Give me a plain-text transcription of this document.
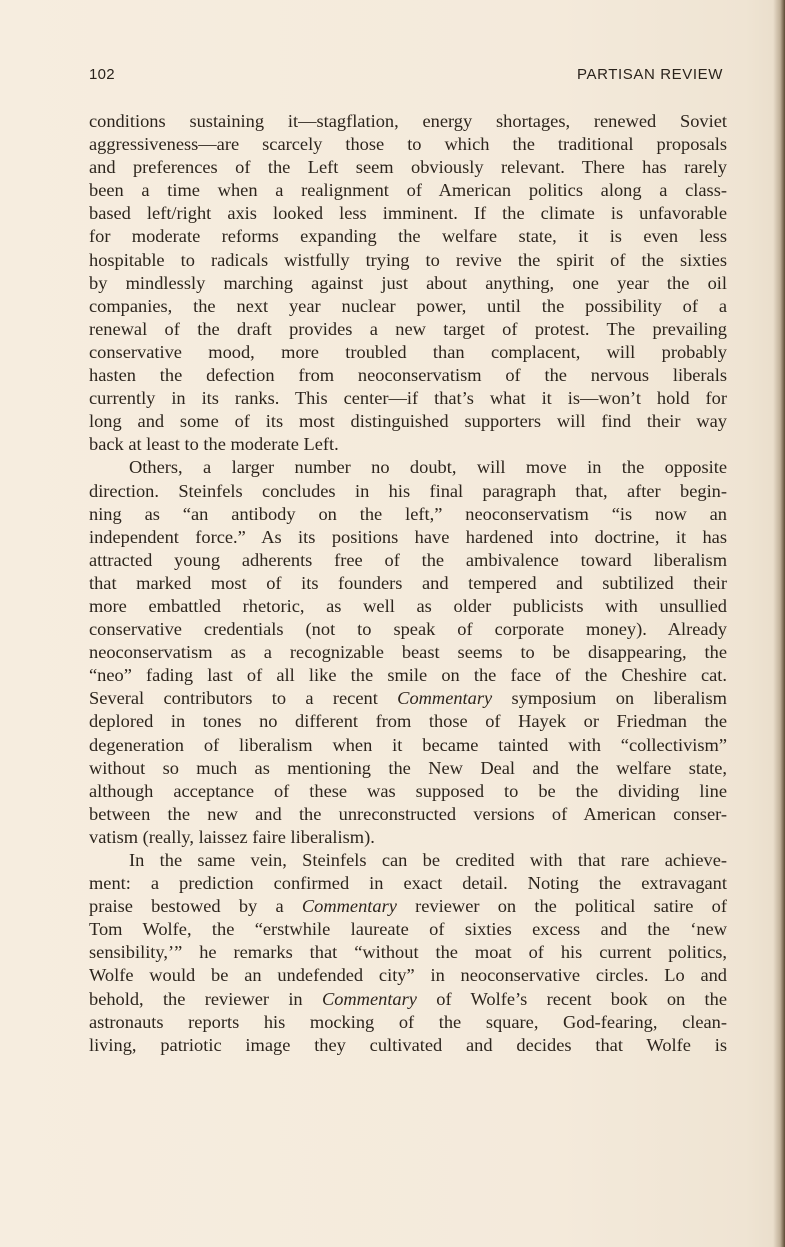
102	PARTISAN REVIEW
conditions sustaining it—stagflation, energy shortages, renewed Soviet
aggressiveness—are scarcely those to which the traditional proposals
and preferences of the Left seem obviously relevant. There has rarely
been a time when a realignment of American politics along a class-
based left/right axis looked less imminent. If the climate is unfavorable
for moderate reforms expanding the welfare state, it is even less
hospitable to radicals wistfully trying to revive the spirit of the sixties
by mindlessly marching against just about anything, one year the oil
companies, the next year nuclear power, until the possibility of a
renewal of the draft provides a new target of protest. The prevailing
conservative mood, more troubled than complacent, will probably
hasten the defection from neoconservatism of the nervous liberals
currently in its ranks. This center—if that’s what it is—won’t hold for
long and some of its most distinguished supporters will find their way
back at least to the moderate Left.
Others, a larger number no doubt, will move in the opposite
direction. Steinfels concludes in his final paragraph that, after begin-
ning as “an antibody on the left,” neoconservatism “is now an
independent force.” As its positions have hardened into doctrine, it has
attracted young adherents free of the ambivalence toward liberalism
that marked most of its founders and tempered and subtilized their
more embattled rhetoric, as well as older publicists with unsullied
conservative credentials (not to speak of corporate money). Already
neoconservatism as a recognizable beast seems to be disappearing, the
“neo” fading last of all like the smile on the face of the Cheshire cat.
Several contributors to a recent Commentary symposium on liberalism
deplored in tones no different from those of Hayek or Friedman the
degeneration of liberalism when it became tainted with “collectivism”
without so much as mentioning the New Deal and the welfare state,
although acceptance of these was supposed to be the dividing line
between the new and the unreconstructed versions of American conser-
vatism (really, laissez faire liberalism).
In the same vein, Steinfels can be credited with that rare achieve-
ment: a prediction confirmed in exact detail. Noting the extravagant
praise bestowed by a Commentary reviewer on the political satire of
Tom Wolfe, the “erstwhile laureate of sixties excess and the ‘new
sensibility,’” he remarks that “without the moat of his current politics,
Wolfe would be an undefended city” in neoconservative circles. Lo and
behold, the reviewer in Commentary of Wolfe’s recent book on the
astronauts reports his mocking of the square, God-fearing, clean-
living, patriotic image they cultivated and decides that Wolfe is
